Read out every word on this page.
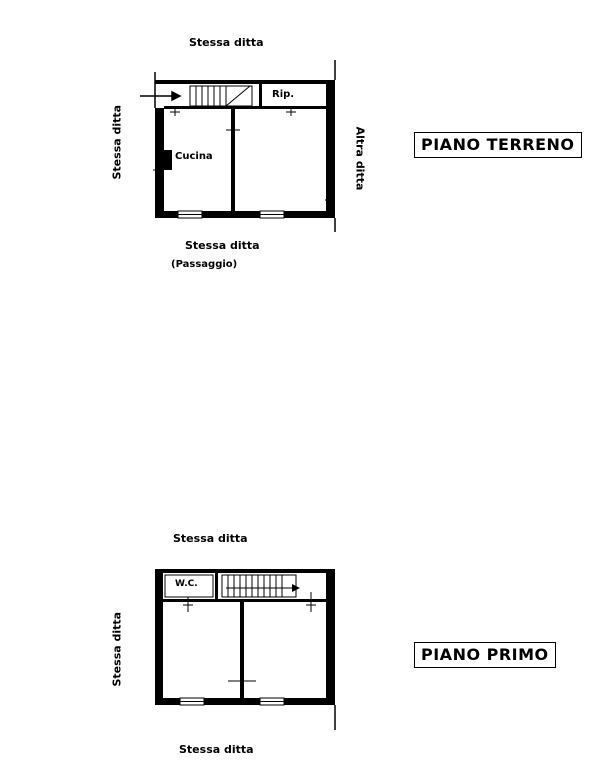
Stessa ditta
Stessa ditta	Altra ditta
Stessa ditta
(Passaggio)
Cucina
Rip.
PIANO TERRENO
Stessa ditta
Stessa ditta
Stessa ditta
W.C.
PIANO PRIMO
